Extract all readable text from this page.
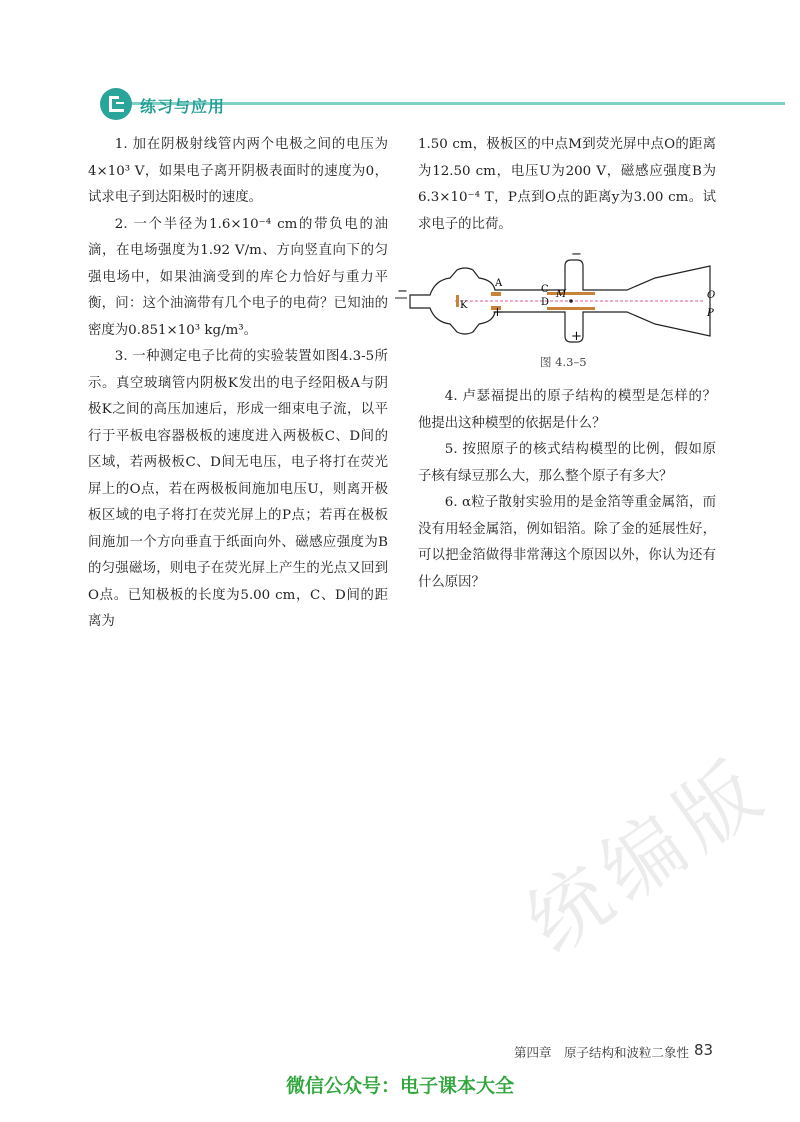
练习与应用

1. 加在阴极射线管内两个电极之间的电压为4×10³ V，如果电子离开阴极表面时的速度为0，试求电子到达阳极时的速度。

2. 一个半径为1.6×10⁻⁴ cm的带负电的油滴，在电场强度为1.92 V/m、方向竖直向下的匀强电场中，如果油滴受到的库仑力恰好与重力平衡，问：这个油滴带有几个电子的电荷？已知油的密度为0.851×10³ kg/m³。

3. 一种测定电子比荷的实验装置如图4.3-5所示。真空玻璃管内阴极K发出的电子经阳极A与阴极K之间的高压加速后，形成一细束电子流，以平行于平板电容器极板的速度进入两极板C、D间的区域，若两极板C、D间无电压，电子将打在荧光屏上的O点，若在两极板间施加电压U，则离开极板区域的电子将打在荧光屏上的P点；若再在极板间施加一个方向垂直于纸面向外、磁感应强度为B的匀强磁场，则电子在荧光屏上产生的光点又回到O点。已知极板的长度为5.00 cm，C、D间的距离为

1.50 cm，极板区的中点M到荧光屏中点O的距离为12.50 cm，电压U为200 V，磁感应强度B为6.3×10⁻⁴ T，P点到O点的距离y为3.00 cm。试求电子的比荷。

A
K
C
D
M	O
P
−
+
+
−
图 4.3–5

4. 卢瑟福提出的原子结构的模型是怎样的？他提出这种模型的依据是什么？

5. 按照原子的核式结构模型的比例，假如原子核有绿豆那么大，那么整个原子有多大？

6. α粒子散射实验用的是金箔等重金属箔，而没有用轻金属箔，例如铝箔。除了金的延展性好，可以把金箔做得非常薄这个原因以外，你认为还有什么原因？

统编版
第四章　原子结构和波粒二象性 83
微信公众号：电子课本大全
